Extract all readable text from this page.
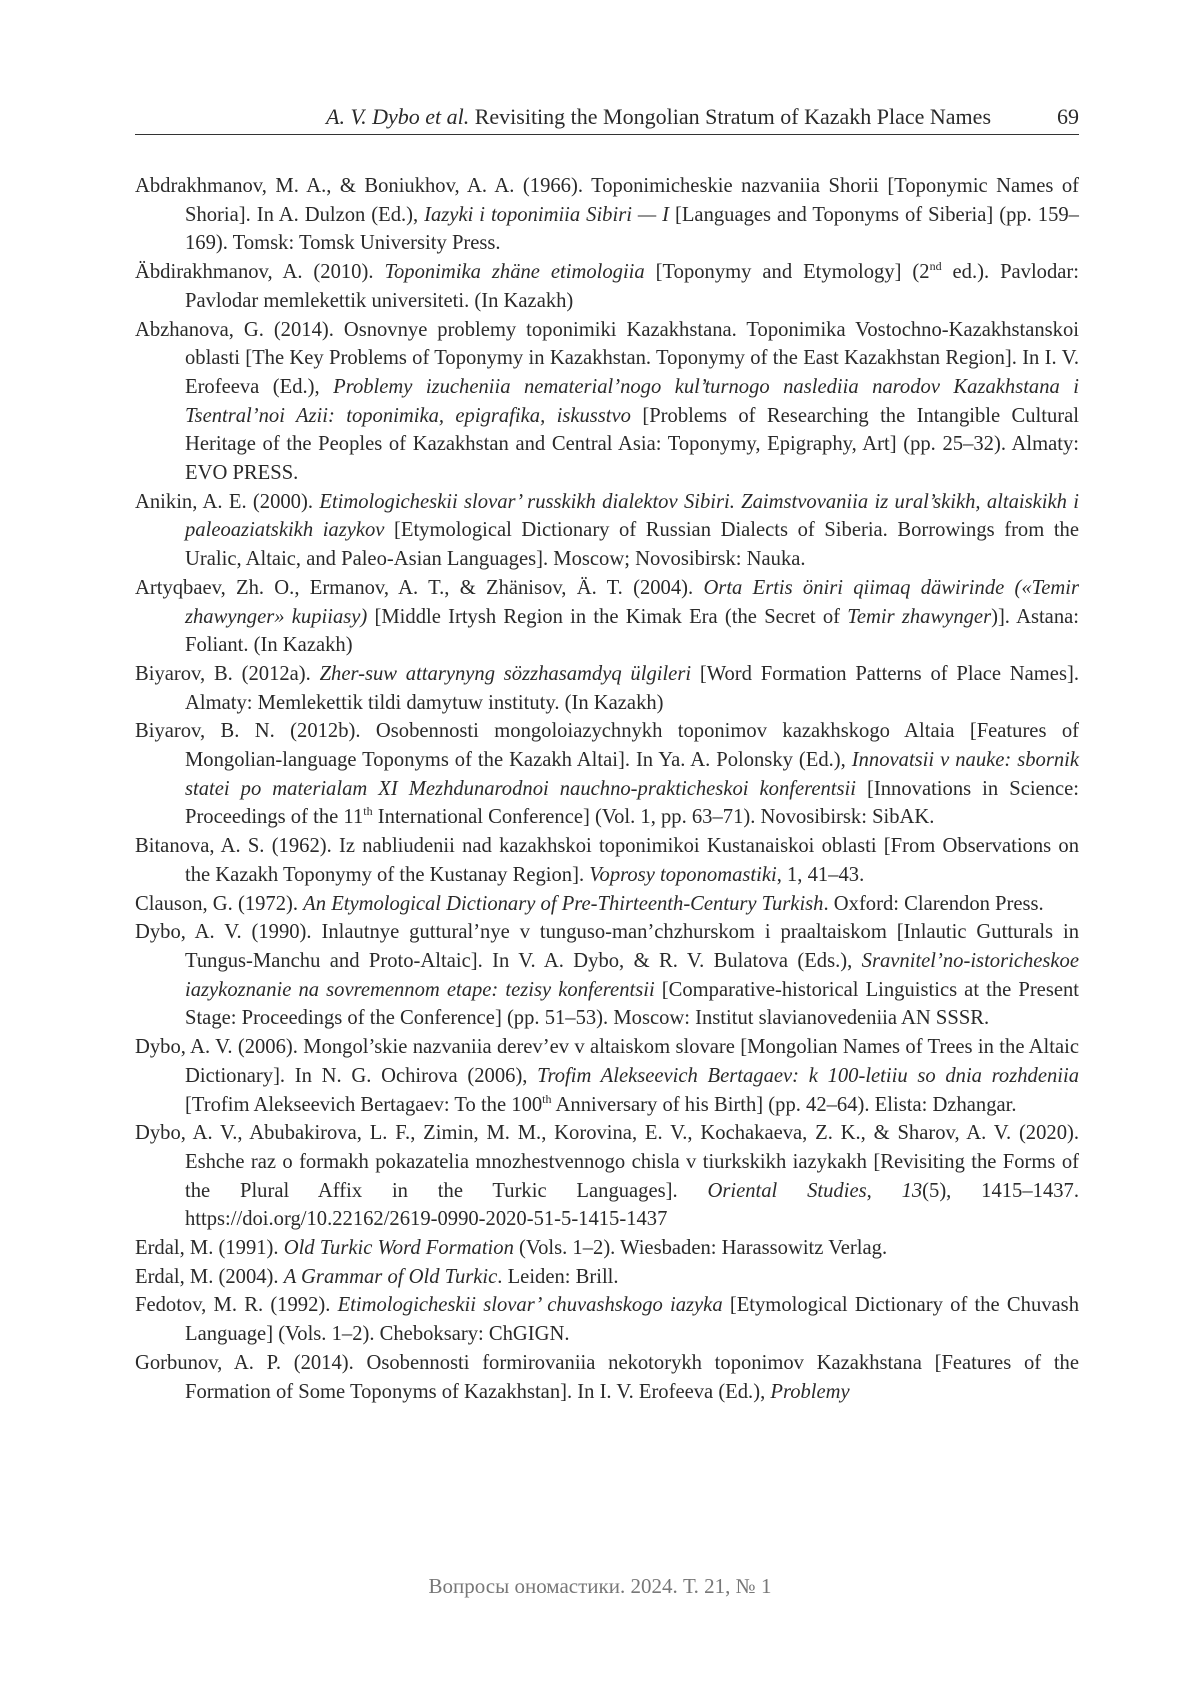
A. V. Dybo et al. Revisiting the Mongolian Stratum of Kazakh Place Names	69

Abdrakhmanov, M. A., & Boniukhov, A. A. (1966). Toponimicheskie nazvaniia Shorii [Toponymic Names of Shoria]. In A. Dulzon (Ed.), Iazyki i toponimiia Sibiri — I [Languages and Toponyms of Siberia] (pp. 159–169). Tomsk: Tomsk University Press.

Äbdirakhmanov, A. (2010). Toponimika zhäne etimologiia [Toponymy and Etymology] (2nd ed.). Pavlodar: Pavlodar memlekettik universiteti. (In Kazakh)

Abzhanova, G. (2014). Osnovnye problemy toponimiki Kazakhstana. Toponimika Vostochno-Kazakhstanskoi oblasti [The Key Problems of Toponymy in Kazakhstan. Toponymy of the East Kazakhstan Region]. In I. V. Erofeeva (Ed.), Problemy izucheniia nematerial’nogo kul’turnogo naslediia narodov Kazakhstana i Tsentral’noi Azii: toponimika, epigrafika, iskusstvo [Problems of Researching the Intangible Cultural Heritage of the Peoples of Kazakhstan and Central Asia: Toponymy, Epigraphy, Art] (pp. 25–32). Almaty: EVO PRESS.

Anikin, A. E. (2000). Etimologicheskii slovar’ russkikh dialektov Sibiri. Zaimstvovaniia iz ural’skikh, altaiskikh i paleoaziatskikh iazykov [Etymological Dictionary of Russian Dialects of Siberia. Borrowings from the Uralic, Altaic, and Paleo-Asian Languages]. Moscow; Novosibirsk: Nauka.

Artyqbaev, Zh. O., Ermanov, A. T., & Zhänisov, Ä. T. (2004). Orta Ertis öniri qiimaq däwirinde («Temir zhawynger» kupiiasy) [Middle Irtysh Region in the Kimak Era (the Secret of Temir zhawynger)]. Astana: Foliant. (In Kazakh)

Biyarov, B. (2012a). Zher-suw attarynyng sözzhasamdyq ülgileri [Word Formation Patterns of Place Names]. Almaty: Memlekettik tildi damytuw instituty. (In Kazakh)

Biyarov, B. N. (2012b). Osobennosti mongoloiazychnykh toponimov kazakhskogo Altaia [Features of Mongolian-language Toponyms of the Kazakh Altai]. In Ya. A. Polonsky (Ed.), Innovatsii v nauke: sbornik statei po materialam XI Mezhdunarodnoi nauchno-prakticheskoi konferentsii [Innovations in Science: Proceedings of the 11th International Conference] (Vol. 1, pp. 63–71). Novosibirsk: SibAK.

Bitanova, A. S. (1962). Iz nabliudenii nad kazakhskoi toponimikoi Kustanaiskoi oblasti [From Observations on the Kazakh Toponymy of the Kustanay Region]. Voprosy toponomastiki, 1, 41–43.

Clauson, G. (1972). An Etymological Dictionary of Pre-Thirteenth-Century Turkish. Oxford: Clarendon Press.

Dybo, A. V. (1990). Inlautnye guttural’nye v tunguso-man’chzhurskom i praaltaiskom [Inlautic Gutturals in Tungus-Manchu and Proto-Altaic]. In V. A. Dybo, & R. V. Bulatova (Eds.), Sravnitel’no-istoricheskoe iazykoznanie na sovremennom etape: tezisy konferentsii [Comparative-historical Linguistics at the Present Stage: Proceedings of the Conference] (pp. 51–53). Moscow: Institut slavianovedeniia AN SSSR.

Dybo, A. V. (2006). Mongol’skie nazvaniia derev’ev v altaiskom slovare [Mongolian Names of Trees in the Altaic Dictionary]. In N. G. Ochirova (2006), Trofim Alekseevich Bertagaev: k 100-letiiu so dnia rozhdeniia [Trofim Alekseevich Bertagaev: To the 100th Anniversary of his Birth] (pp. 42–64). Elista: Dzhangar.

Dybo, A. V., Abubakirova, L. F., Zimin, M. M., Korovina, E. V., Kochakaeva, Z. K., & Sharov, A. V. (2020). Eshche raz o formakh pokazatelia mnozhestvennogo chisla v tiurkskikh iazykakh [Revisiting the Forms of the Plural Affix in the Turkic Languages]. Oriental Studies, 13(5), 1415–1437. https://doi.org/10.22162/2619-0990-2020-51-5-1415-1437

Erdal, M. (1991). Old Turkic Word Formation (Vols. 1–2). Wiesbaden: Harassowitz Verlag.

Erdal, M. (2004). A Grammar of Old Turkic. Leiden: Brill.

Fedotov, M. R. (1992). Etimologicheskii slovar’ chuvashskogo iazyka [Etymological Dictionary of the Chuvash Language] (Vols. 1–2). Cheboksary: ChGIGN.

Gorbunov, A. P. (2014). Osobennosti formirovaniia nekotorykh toponimov Kazakhstana [Features of the Formation of Some Toponyms of Kazakhstan]. In I. V. Erofeeva (Ed.), Problemy

Вопросы ономастики. 2024. Т. 21, № 1
